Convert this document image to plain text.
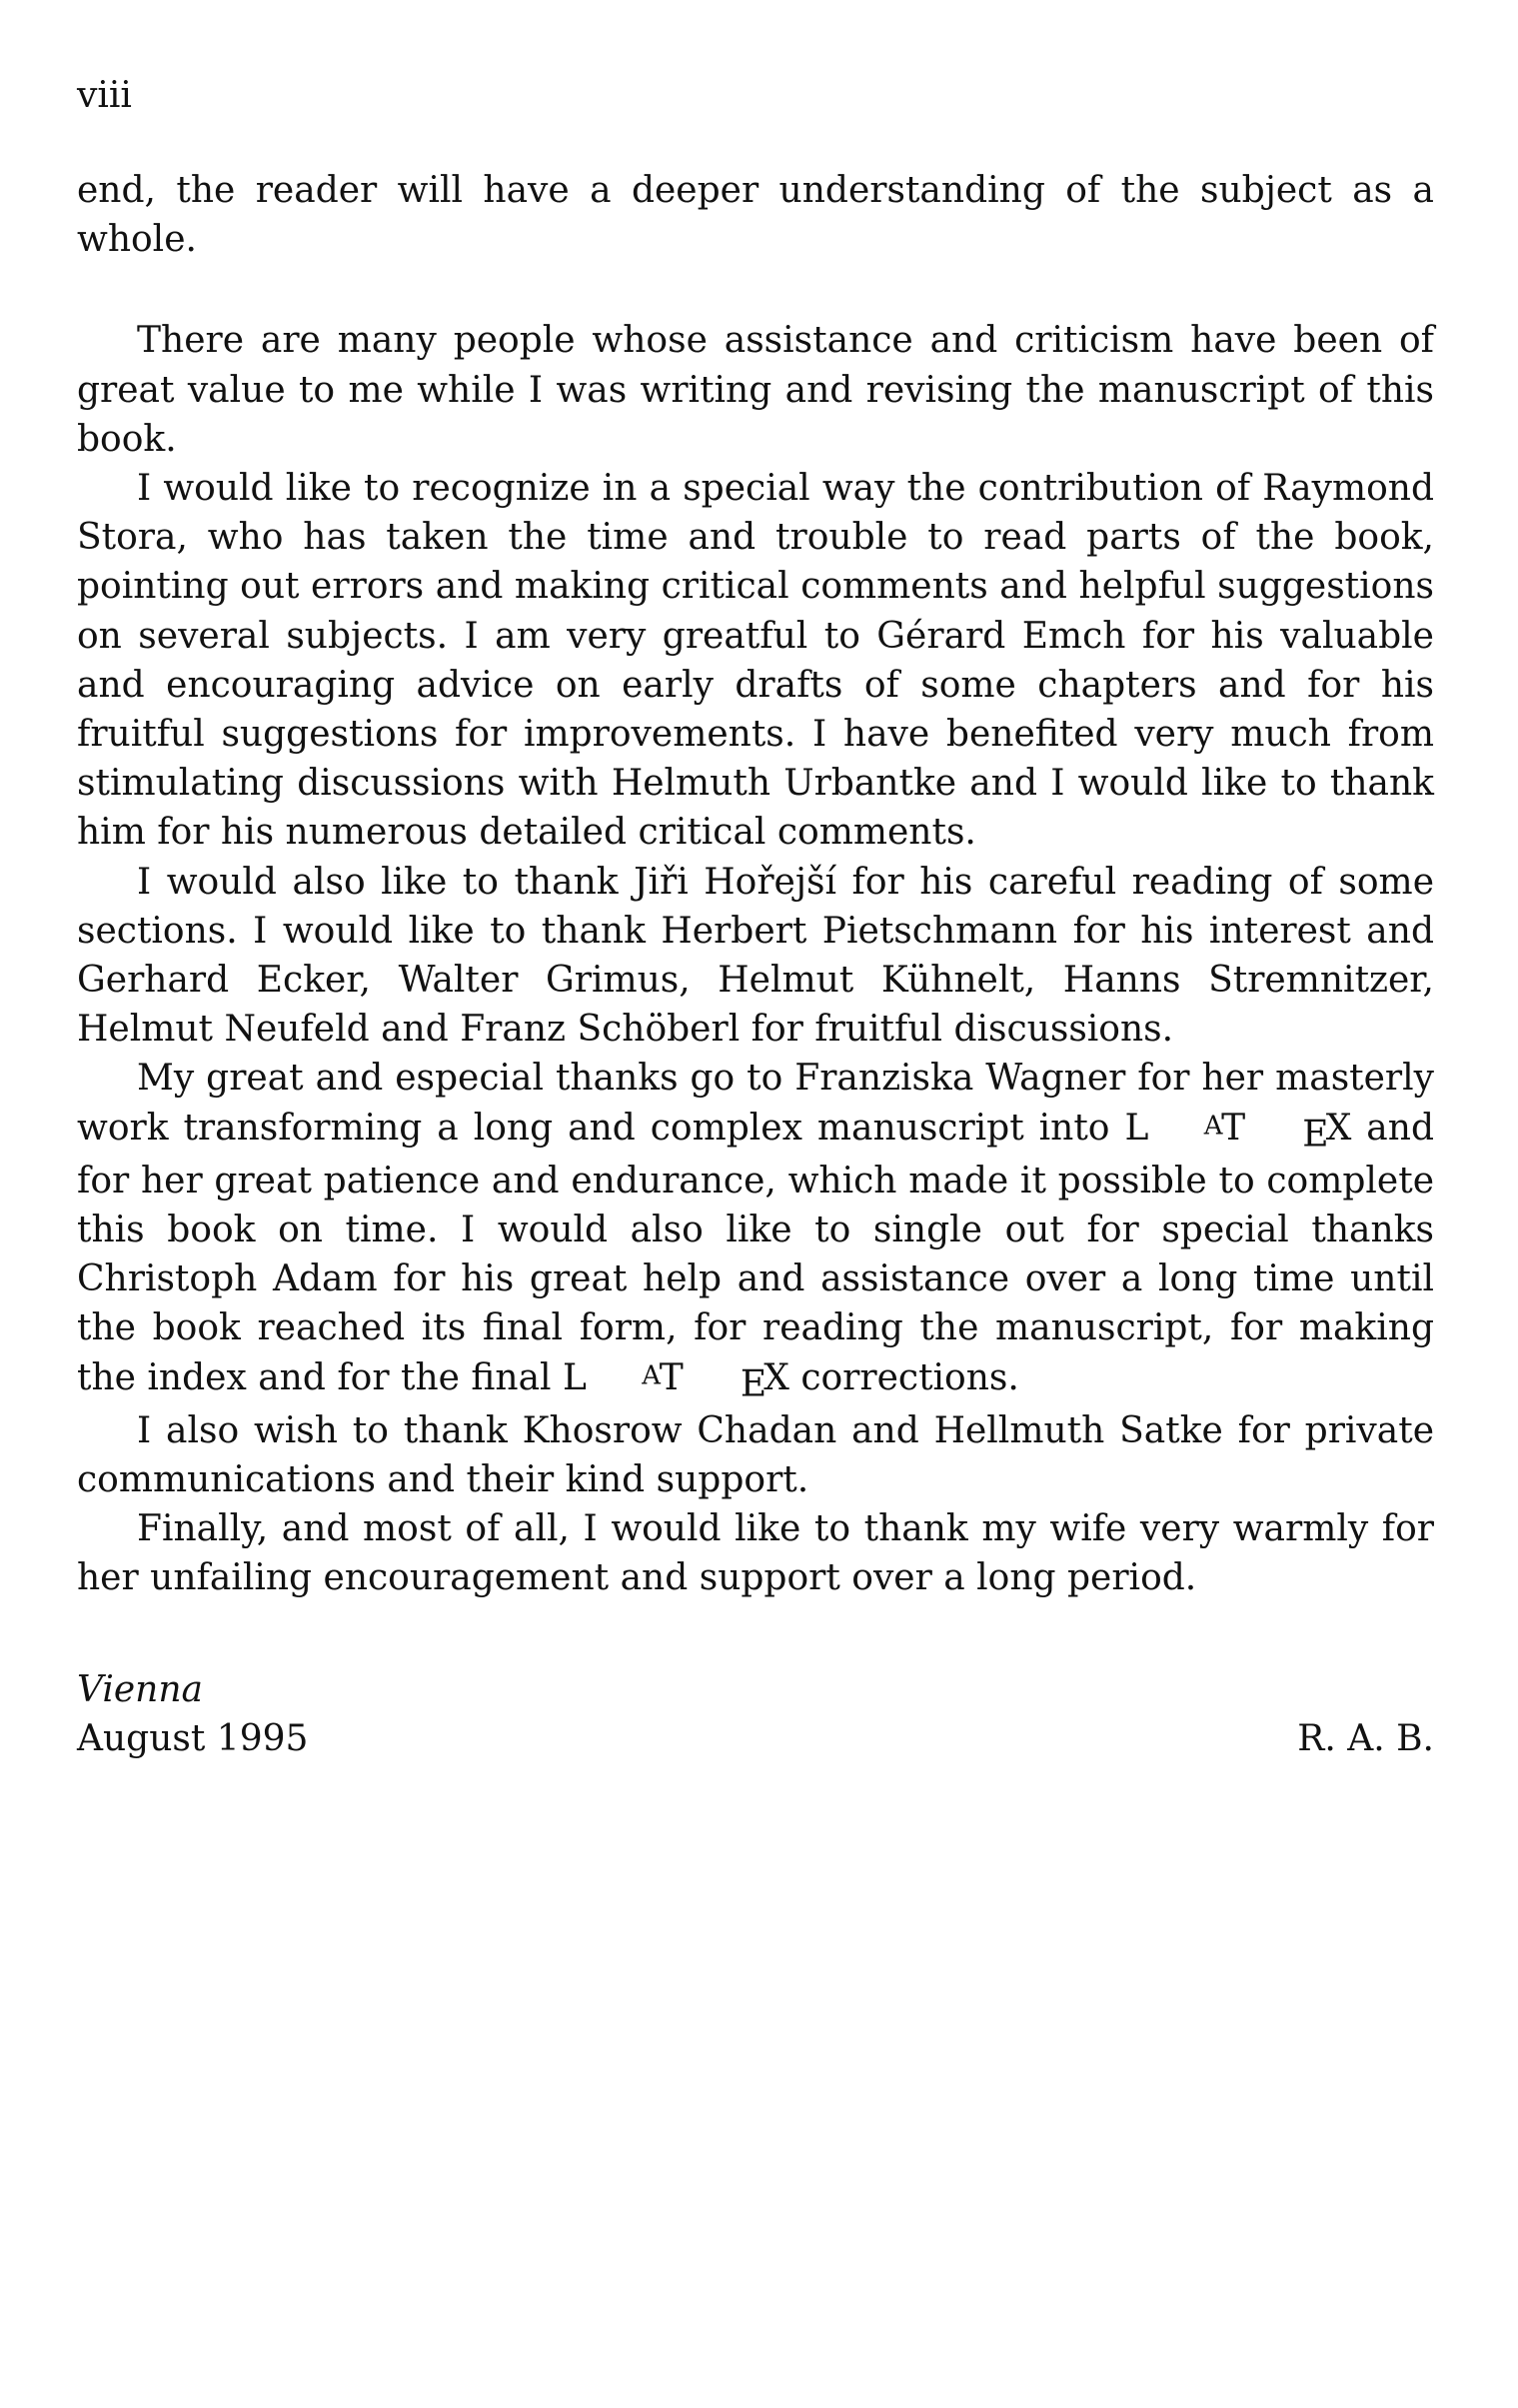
viii

end, the reader will have a deeper understanding of the subject as a whole.

There are many people whose assistance and criticism have been of great value to me while I was writing and revising the manuscript of this book.

I would like to recognize in a special way the contribution of Raymond Stora, who has taken the time and trouble to read parts of the book, pointing out errors and making critical comments and helpful suggestions on several subjects. I am very greatful to Gérard Emch for his valuable and encouraging advice on early drafts of some chapters and for his fruitful suggestions for improvements. I have benefited very much from stimulating discussions with Helmuth Urbantke and I would like to thank him for his numerous detailed critical comments.

I would also like to thank Jiři Hořejší for his careful reading of some sections. I would like to thank Herbert Pietschmann for his interest and Gerhard Ecker, Walter Grimus, Helmut Kühnelt, Hanns Stremnitzer, Helmut Neufeld and Franz Schöberl for fruitful discussions.

My great and especial thanks go to Franziska Wagner for her masterly work transforming a long and complex manuscript into L AT EX and for her great patience and endurance, which made it possible to complete this book on time. I would also like to single out for special thanks Christoph Adam for his great help and assistance over a long time until the book reached its final form, for reading the manuscript, for making the index and for the final L AT EX corrections.

I also wish to thank Khosrow Chadan and Hellmuth Satke for private communications and their kind support.

Finally, and most of all, I would like to thank my wife very warmly for her unfailing encouragement and support over a long period.

Vienna
August 1995	R. A. B.
